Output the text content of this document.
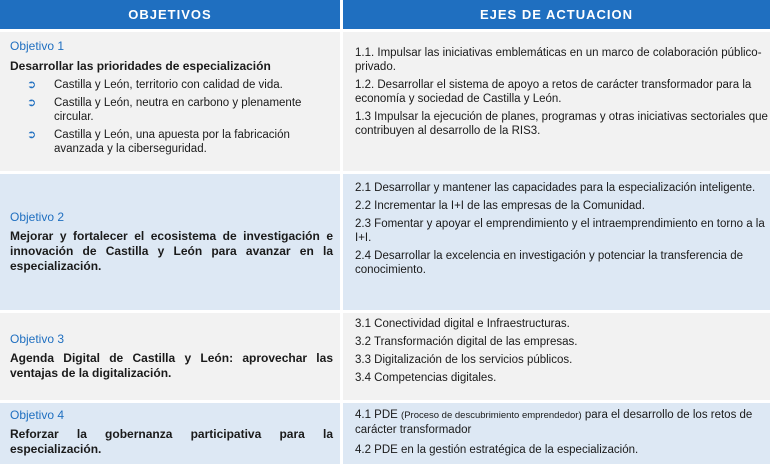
OBJETIVOS	EJES DE ACTUACION
Objetivo 1
Desarrollar las prioridades de especialización
➲ Castilla y León, territorio con calidad de vida.
➲ Castilla y León, neutra en carbono y plenamente circular.
➲ Castilla y León, una apuesta por la fabricación avanzada y la ciberseguridad.
1.1. Impulsar las iniciativas emblemáticas en un marco de colaboración público-privado.
1.2. Desarrollar el sistema de apoyo a retos de carácter transformador para la economía y sociedad de Castilla y León.
1.3 Impulsar la ejecución de planes, programas y otras iniciativas sectoriales que contribuyen al desarrollo de la RIS3.
Objetivo 2
Mejorar y fortalecer el ecosistema de investigación e innovación de Castilla y León para avanzar en la especialización.
2.1 Desarrollar y mantener las capacidades para la especialización inteligente.
2.2 Incrementar la I+I de las empresas de la Comunidad.
2.3 Fomentar y apoyar el emprendimiento y el intraemprendimiento en torno a la I+I.
2.4 Desarrollar la excelencia en investigación y potenciar la transferencia de conocimiento.
Objetivo 3
Agenda Digital de Castilla y León: aprovechar las ventajas de la digitalización.
3.1 Conectividad digital e Infraestructuras.
3.2 Transformación digital de las empresas.
3.3 Digitalización de los servicios públicos.
3.4 Competencias digitales.
Objetivo 4
Reforzar la gobernanza participativa para la especialización.
4.1 PDE (Proceso de descubrimiento emprendedor) para el desarrollo de los retos de carácter transformador
4.2 PDE en la gestión estratégica de la especialización.
